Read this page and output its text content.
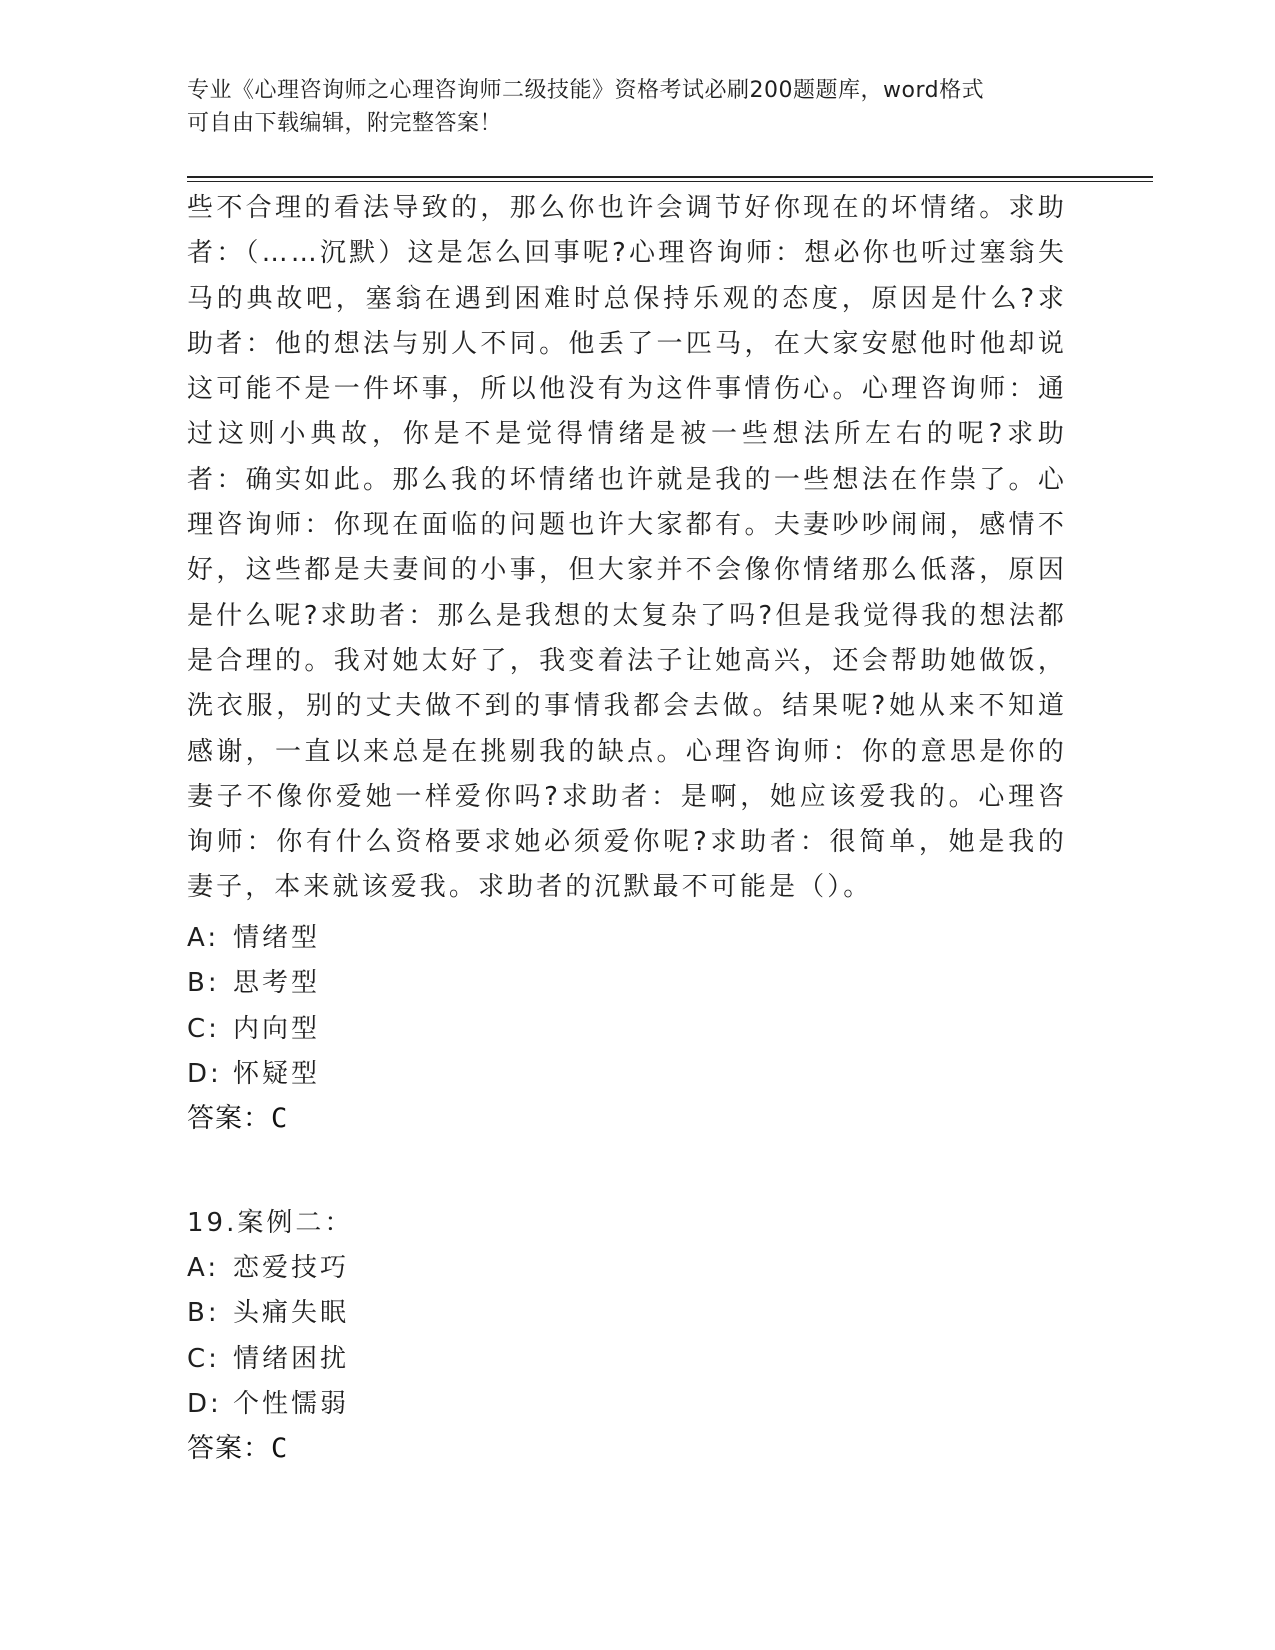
专业《心理咨询师之心理咨询师二级技能》资格考试必刷200题题库，word格式
可自由下载编辑，附完整答案！
些不合理的看法导致的，那么你也许会调节好你现在的坏情绪。求助者：（……沉默）这是怎么回事呢?心理咨询师：想必你也听过塞翁失马的典故吧，塞翁在遇到困难时总保持乐观的态度，原因是什么?求助者：他的想法与别人不同。他丢了一匹马，在大家安慰他时他却说这可能不是一件坏事，所以他没有为这件事情伤心。心理咨询师：通过这则小典故，你是不是觉得情绪是被一些想法所左右的呢?求助者：确实如此。那么我的坏情绪也许就是我的一些想法在作祟了。心理咨询师：你现在面临的问题也许大家都有。夫妻吵吵闹闹，感情不好，这些都是夫妻间的小事，但大家并不会像你情绪那么低落，原因是什么呢?求助者：那么是我想的太复杂了吗?但是我觉得我的想法都是合理的。我对她太好了，我变着法子让她高兴，还会帮助她做饭，洗衣服，别的丈夫做不到的事情我都会去做。结果呢?她从来不知道感谢，一直以来总是在挑剔我的缺点。心理咨询师：你的意思是你的妻子不像你爱她一样爱你吗?求助者：是啊，她应该爱我的。心理咨询师：你有什么资格要求她必须爱你呢?求助者：很简单，她是我的妻子，本来就该爱我。求助者的沉默最不可能是（）。
A: 情绪型
B: 思考型
C: 内向型
D: 怀疑型
答案：C
19.案例二：
A: 恋爱技巧
B: 头痛失眠
C: 情绪困扰
D: 个性懦弱
答案：C
